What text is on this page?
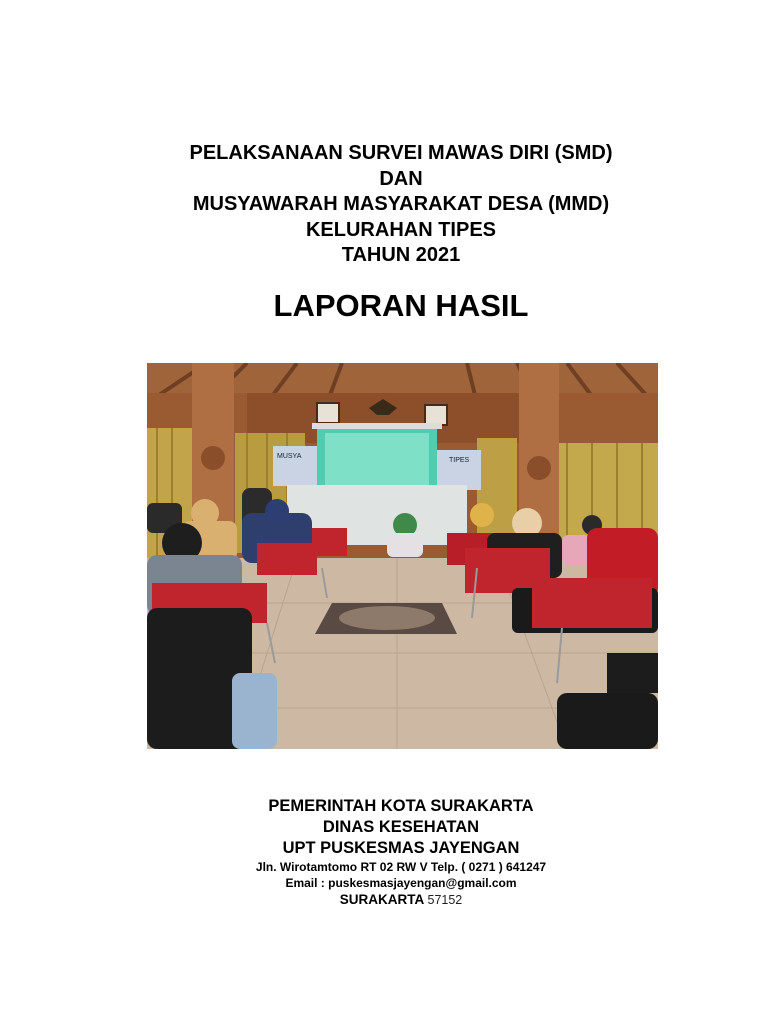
PELAKSANAAN SURVEI MAWAS DIRI (SMD)
DAN
MUSYAWARAH MASYARAKAT DESA (MMD)
KELURAHAN TIPES
TAHUN 2021
LAPORAN HASIL
MUSYA
TIPES
PEMERINTAH KOTA SURAKARTA
DINAS KESEHATAN
UPT PUSKESMAS JAYENGAN
Jln. Wirotamtomo RT 02 RW V Telp. ( 0271 ) 641247
Email : puskesmasjayengan@gmail.com
SURAKARTA 57152
